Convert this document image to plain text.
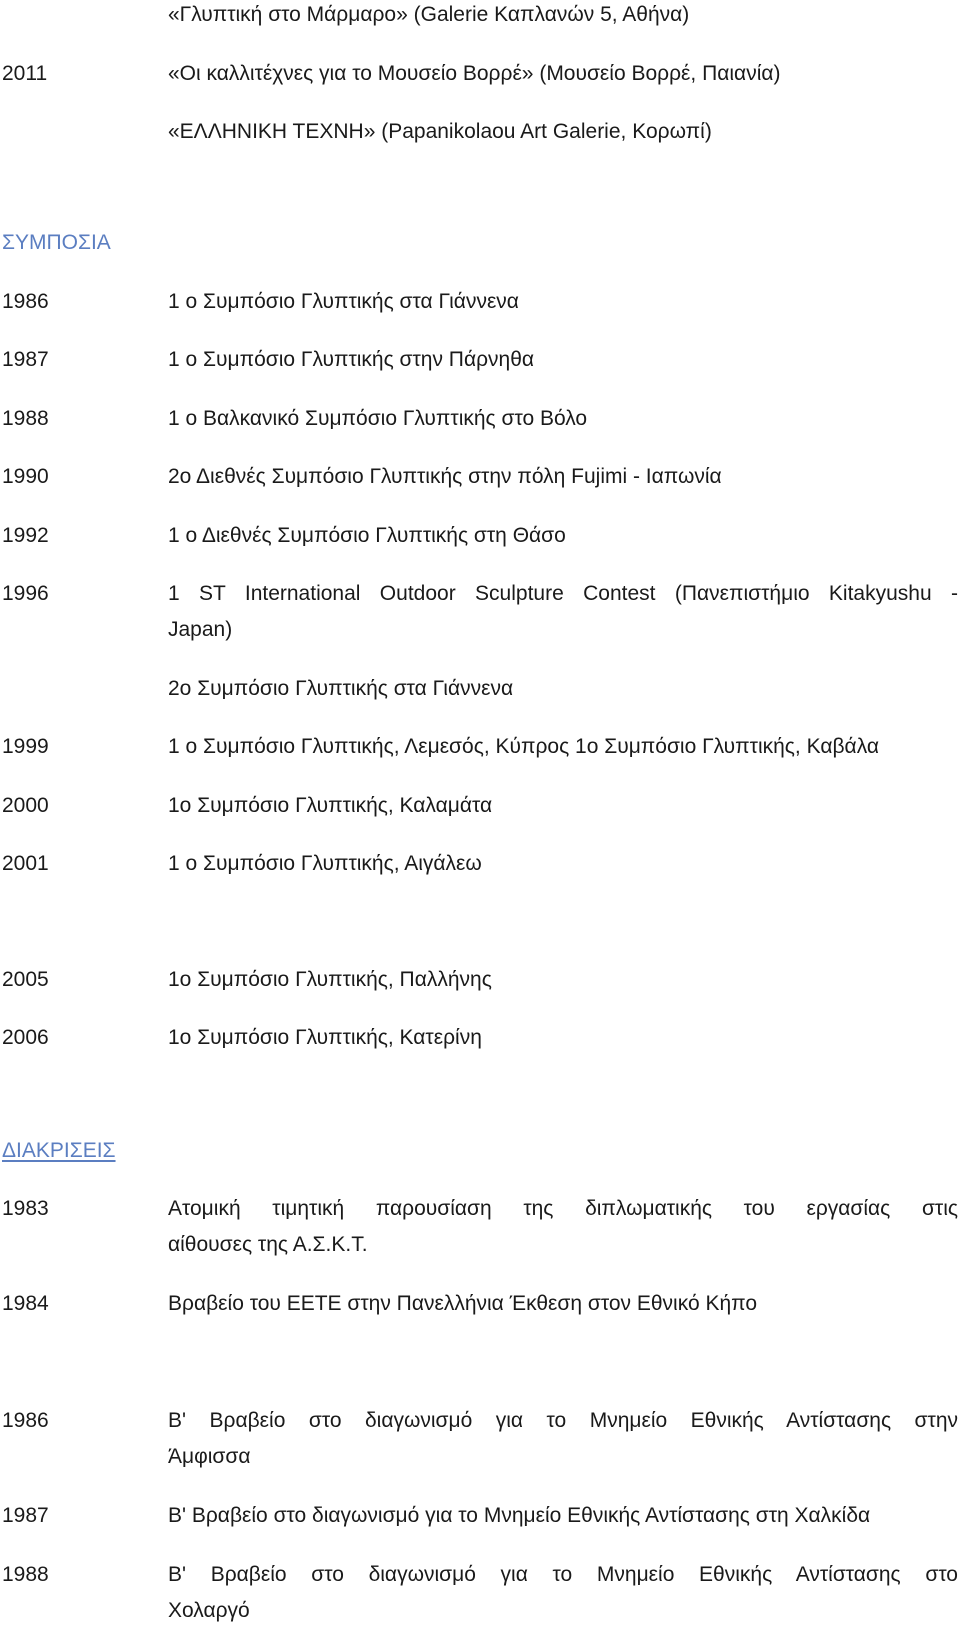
«Γλυπτική στο Μάρμαρο» (Galerie Καπλανών 5, Αθήνα)
2011	«Οι καλλιτέχνες για το Μουσείο Βορρέ» (Μουσείο Βορρέ, Παιανία)
«ΕΛΛΗΝΙΚΗ ΤΕΧΝΗ» (Papanikolaou Art Galerie, Κορωπί)
ΣΥΜΠΟΣΙΑ
1986	1 ο Συμπόσιο Γλυπτικής στα Γιάννενα
1987	1 ο Συμπόσιο Γλυπτικής στην Πάρνηθα
1988	1 ο Βαλκανικό Συμπόσιο Γλυπτικής στο Βόλο
1990	2ο Διεθνές Συμπόσιο Γλυπτικής στην πόλη Fujimi - Ιαπωνία
1992	1 ο Διεθνές Συμπόσιο Γλυπτικής στη Θάσο
1996	1 ST International Outdoor Sculpture Contest (Πανεπιστήμιο Kitakyushu -
Japan)
2ο Συμπόσιο Γλυπτικής στα Γιάννενα
1999	1 ο Συμπόσιο Γλυπτικής, Λεμεσός, Κύπρος 1ο Συμπόσιο Γλυπτικής, Καβάλα
2000	1ο Συμπόσιο Γλυπτικής, Καλαμάτα
2001	1 ο Συμπόσιο Γλυπτικής, Αιγάλεω
2005	1ο Συμπόσιο Γλυπτικής, Παλλήνης
2006	1ο Συμπόσιο Γλυπτικής, Κατερίνη
ΔΙΑΚΡΙΣΕΙΣ
1983	Ατομική τιμητική παρουσίαση της διπλωματικής του εργασίας στις
αίθουσες της Α.Σ.Κ.Τ.
1984	Βραβείο του ΕΕΤΕ στην Πανελλήνια Έκθεση στον Εθνικό Κήπο
1986	Β' Βραβείο στο διαγωνισμό για το Μνημείο Εθνικής Αντίστασης στην
Άμφισσα
1987	Β' Βραβείο στο διαγωνισμό για το Μνημείο Εθνικής Αντίστασης στη Χαλκίδα
1988	Β' Βραβείο στο διαγωνισμό για το Μνημείο Εθνικής Αντίστασης στο
Χολαργό
